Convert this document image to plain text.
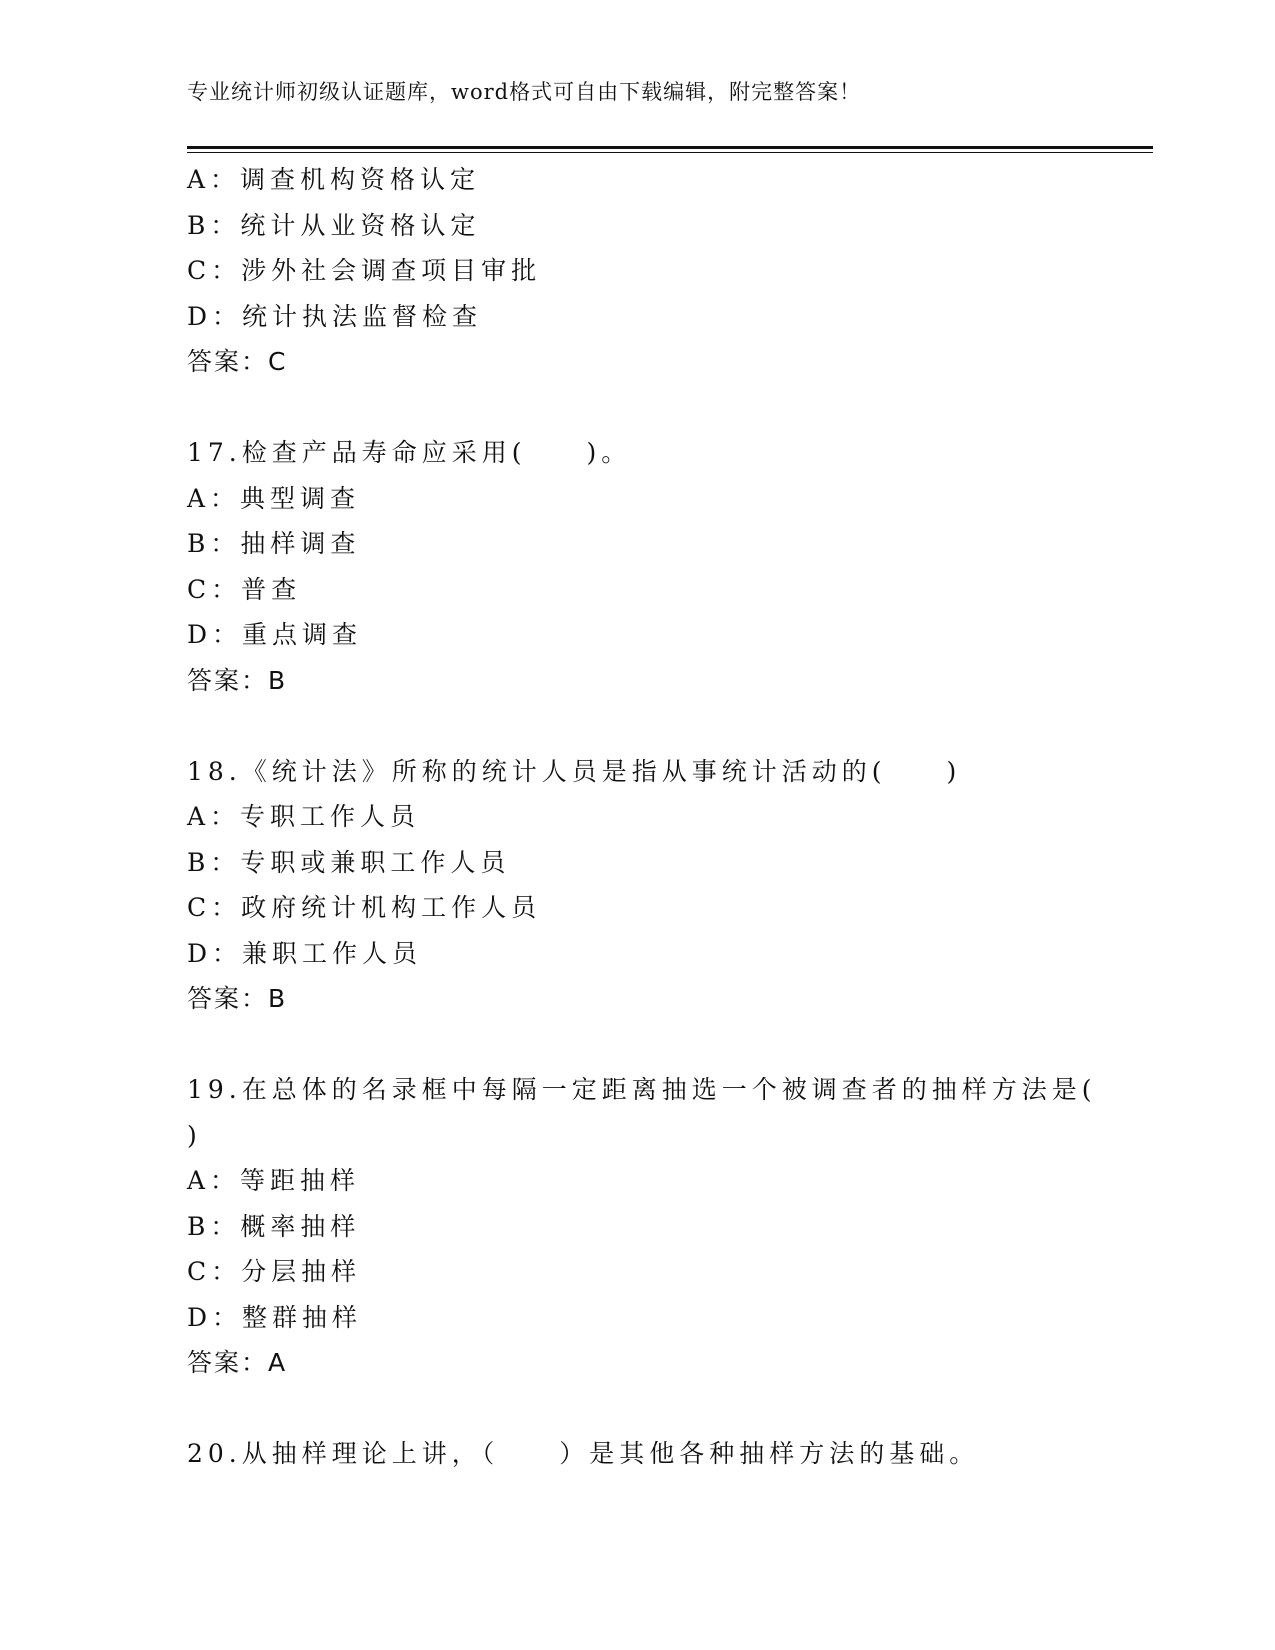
专业统计师初级认证题库，word格式可自由下载编辑，附完整答案！
A：调查机构资格认定
B：统计从业资格认定
C：涉外社会调查项目审批
D：统计执法监督检查
答案：C
17.检查产品寿命应采用(　　)。
A：典型调查
B：抽样调查
C：普查
D：重点调查
答案：B
18.《统计法》所称的统计人员是指从事统计活动的(　　)
A：专职工作人员
B：专职或兼职工作人员
C：政府统计机构工作人员
D：兼职工作人员
答案：B
19.在总体的名录框中每隔一定距离抽选一个被调查者的抽样方法是(
)
A：等距抽样
B：概率抽样
C：分层抽样
D：整群抽样
答案：A
20.从抽样理论上讲，（　　）是其他各种抽样方法的基础。
